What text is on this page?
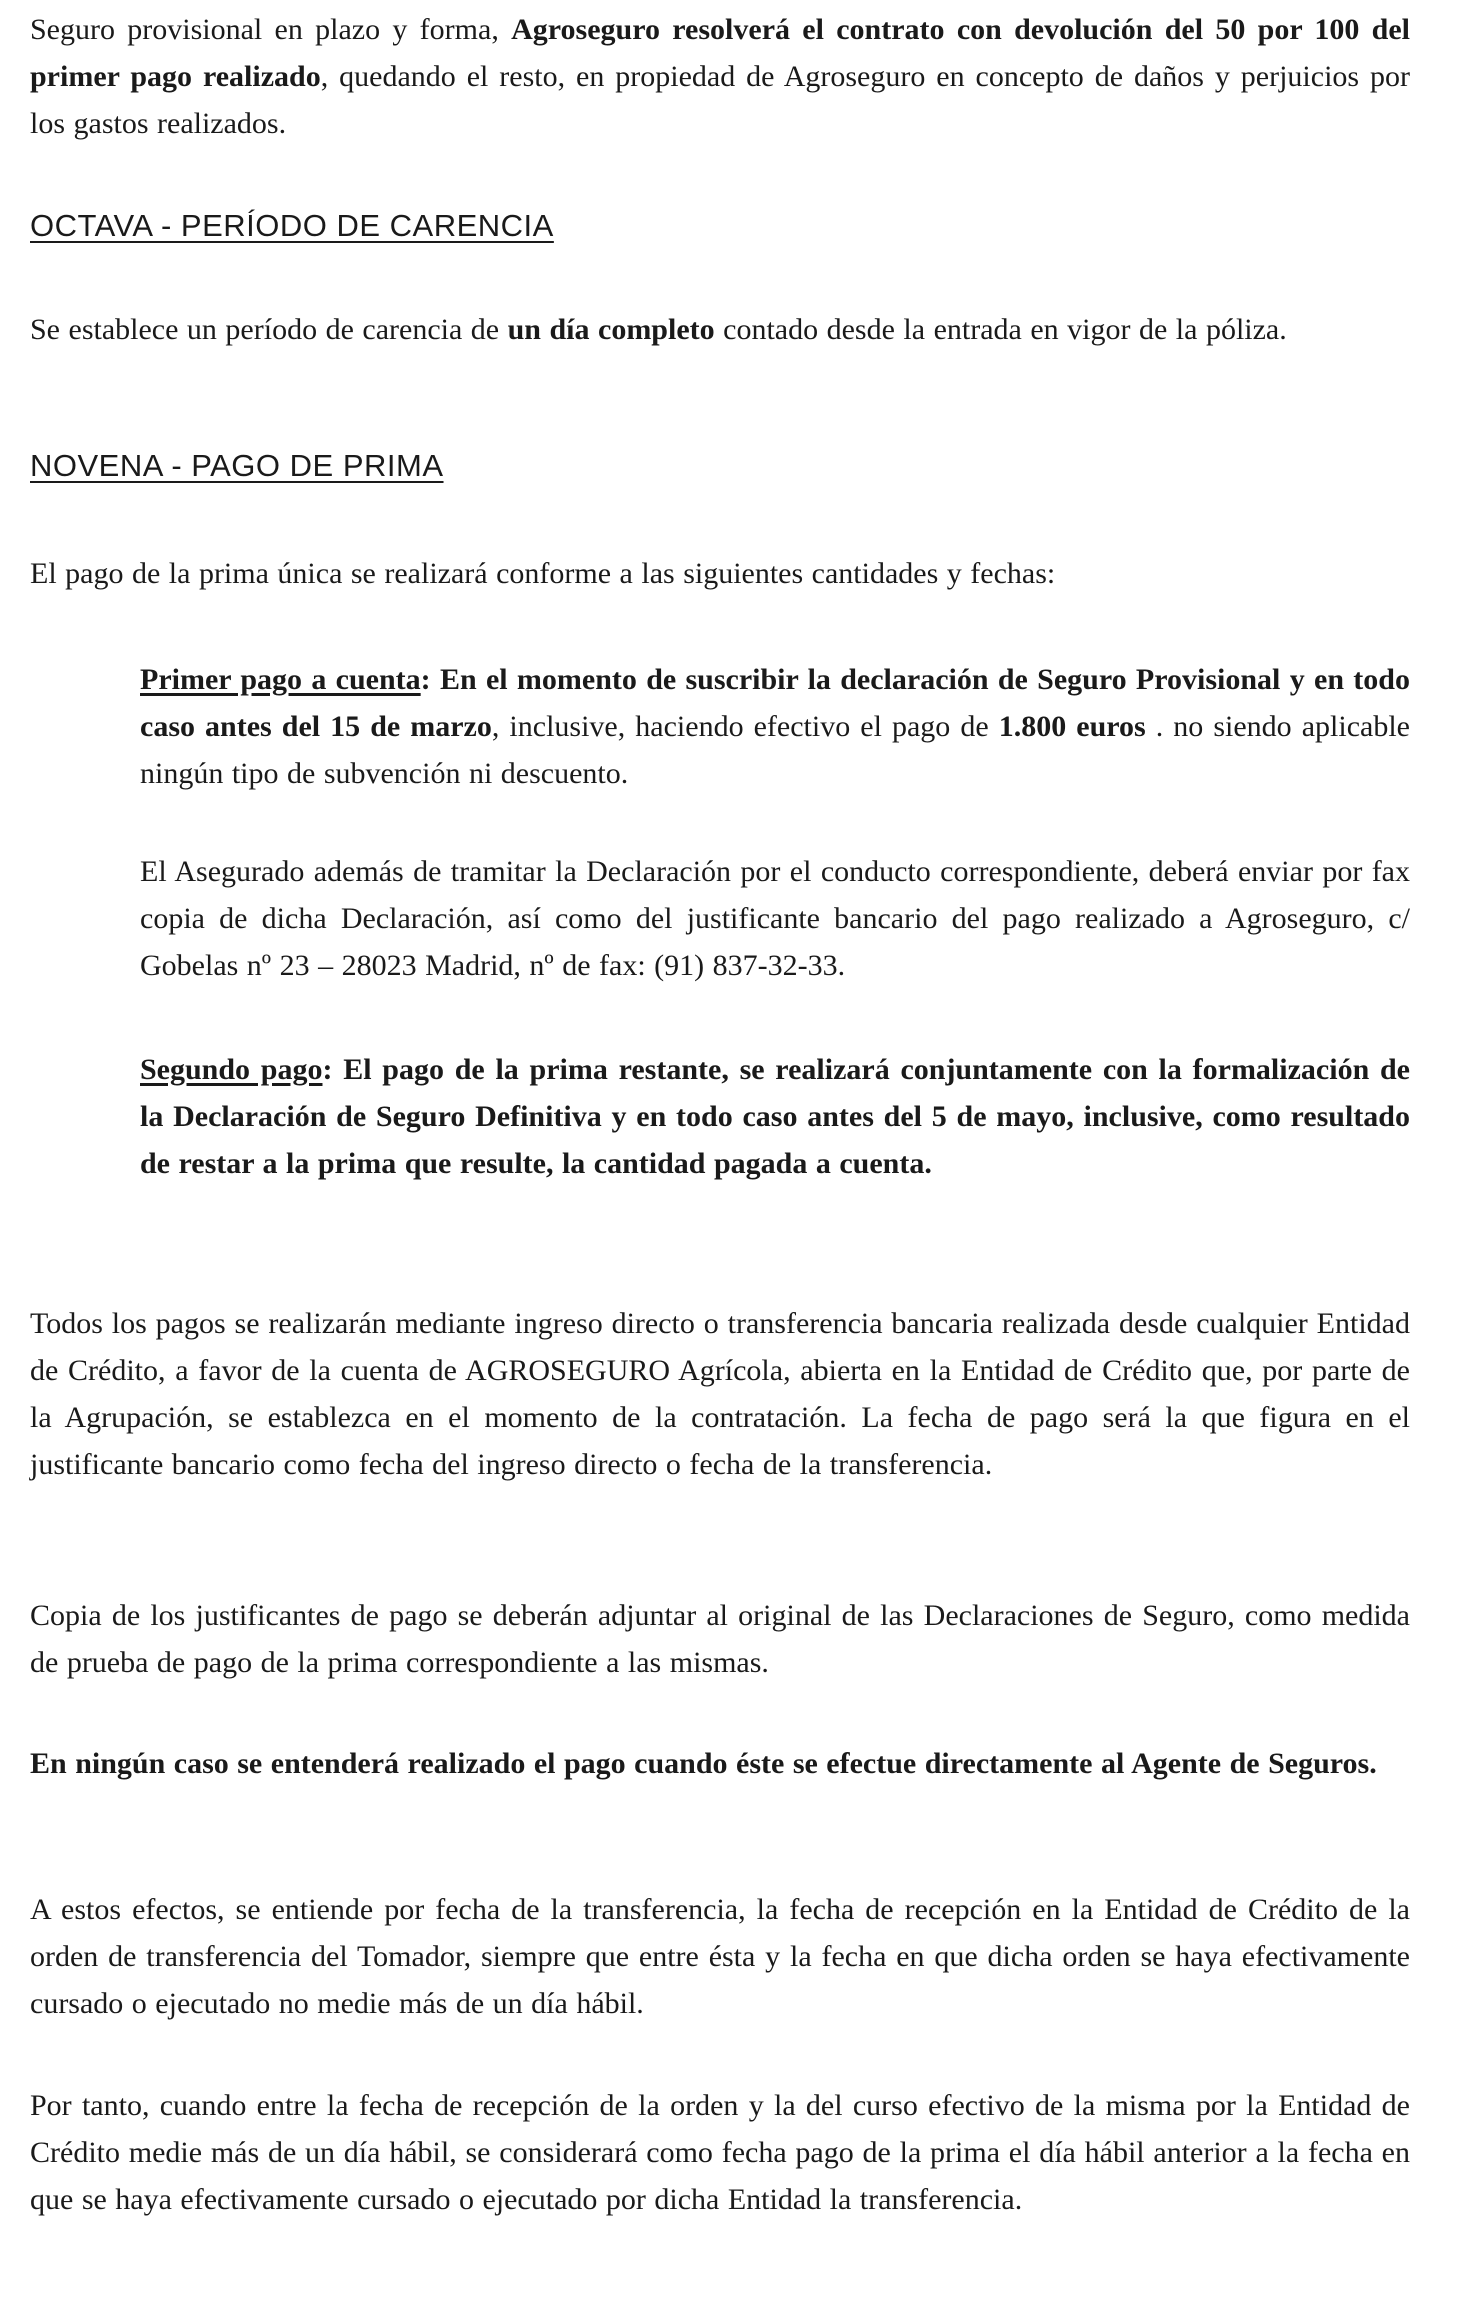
Seguro provisional en plazo y forma, Agroseguro resolverá el contrato con devolución del 50 por 100 del primer pago realizado, quedando el resto, en propiedad de Agroseguro en concepto de daños y perjuicios por los gastos realizados.

OCTAVA - PERÍODO DE CARENCIA

Se establece un período de carencia de un día completo contado desde la entrada en vigor de la póliza.

NOVENA - PAGO DE PRIMA

El pago de la prima única se realizará conforme a las siguientes cantidades y fechas:

Primer pago a cuenta: En el momento de suscribir la declaración de Seguro Provisional y en todo caso antes del 15 de marzo, inclusive, haciendo efectivo el pago de 1.800 euros . no siendo aplicable ningún tipo de subvención ni descuento.

El Asegurado además de tramitar la Declaración por el conducto correspondiente, deberá enviar por fax copia de dicha Declaración, así como del justificante bancario del pago realizado a Agroseguro, c/ Gobelas nº 23 – 28023 Madrid, nº de fax: (91) 837-32-33.

Segundo pago: El pago de la prima restante, se realizará conjuntamente con la formalización de la Declaración de Seguro Definitiva y en todo caso antes del 5 de mayo, inclusive, como resultado de restar a la prima que resulte, la cantidad pagada a cuenta.

Todos los pagos se realizarán mediante ingreso directo o transferencia bancaria realizada desde cualquier Entidad de Crédito, a favor de la cuenta de AGROSEGURO Agrícola, abierta en la Entidad de Crédito que, por parte de la Agrupación, se establezca en el momento de la contratación. La fecha de pago será la que figura en el justificante bancario como fecha del ingreso directo o fecha de la transferencia.

Copia de los justificantes de pago se deberán adjuntar al original de las Declaraciones de Seguro, como medida de prueba de pago de la prima correspondiente a las mismas.

En ningún caso se entenderá realizado el pago cuando éste se efectue directamente al Agente de Seguros.

A estos efectos, se entiende por fecha de la transferencia, la fecha de recepción en la Entidad de Crédito de la orden de transferencia del Tomador, siempre que entre ésta y la fecha en que dicha orden se haya efectivamente cursado o ejecutado no medie más de un día hábil.

Por tanto, cuando entre la fecha de recepción de la orden y la del curso efectivo de la misma por la Entidad de Crédito medie más de un día hábil, se considerará como fecha pago de la prima el día hábil anterior a la fecha en que se haya efectivamente cursado o ejecutado por dicha Entidad la transferencia.
